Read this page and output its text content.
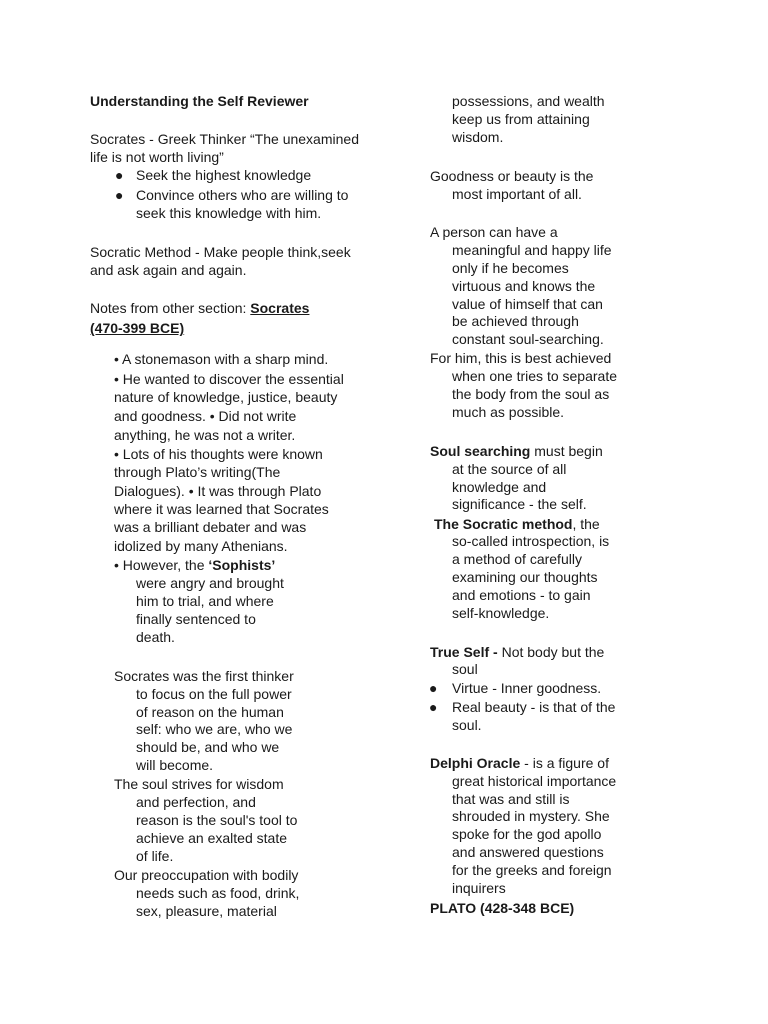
Understanding the Self Reviewer
Socrates - Greek Thinker “The unexamined
life is not worth living”
● Seek the highest knowledge
● Convince others who are willing to
seek this knowledge with him.
Socratic Method - Make people think,seek
and ask again and again.
Notes from other section: Socrates
(470-399 BCE)
• A stonemason with a sharp mind.
• He wanted to discover the essential
nature of knowledge, justice, beauty
and goodness. • Did not write
anything, he was not a writer.
• Lots of his thoughts were known
through Plato’s writing(The
Dialogues). • It was through Plato
where it was learned that Socrates
was a brilliant debater and was
idolized by many Athenians.
• However, the ‘Sophists’
were angry and brought
him to trial, and where
finally sentenced to
death.
Socrates was the first thinker
to focus on the full power
of reason on the human
self: who we are, who we
should be, and who we
will become.
The soul strives for wisdom
and perfection, and
reason is the soul's tool to
achieve an exalted state
of life.
Our preoccupation with bodily
needs such as food, drink,
sex, pleasure, material
possessions, and wealth
keep us from attaining
wisdom.
Goodness or beauty is the
most important of all.
A person can have a
meaningful and happy life
only if he becomes
virtuous and knows the
value of himself that can
be achieved through
constant soul-searching.
For him, this is best achieved
when one tries to separate
the body from the soul as
much as possible.
Soul searching must begin
at the source of all
knowledge and
significance - the self.
The Socratic method, the
so-called introspection, is
a method of carefully
examining our thoughts
and emotions - to gain
self-knowledge.
True Self - Not body but the
soul
● Virtue - Inner goodness.
● Real beauty - is that of the
soul.
Delphi Oracle - is a figure of
great historical importance
that was and still is
shrouded in mystery. She
spoke for the god apollo
and answered questions
for the greeks and foreign
inquirers
PLATO (428-348 BCE)
